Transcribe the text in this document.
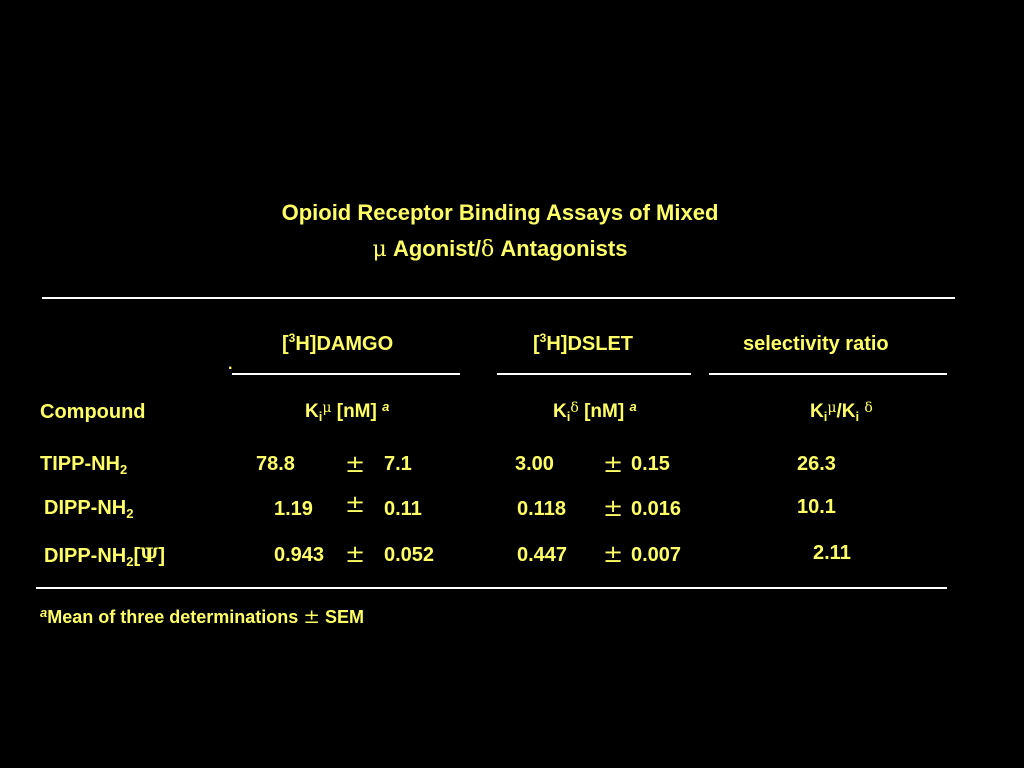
Opioid Receptor Binding Assays of Mixed
μ Agonist/δ Antagonists
[$^3$H]DAMGO	[$^3$H]DSLET	selectivity ratio
.
Compound	$K_i^\mu$ [nM] $^a$	$K_i^\delta$ [nM] $^a$	$K_i^\mu/K_i$ $^\delta$
TIPP-$NH_2$	78.8 ± 7.1	3.00 ± 0.15	26.3
DIPP-$NH_2$	1.19 ± 0.11	0.118 ± 0.016	10.1
DIPP-$NH_2[\Psi]$	0.943 ± 0.052	0.447 ± 0.007	2.11
$^a$Mean of three determinations ± SEM
